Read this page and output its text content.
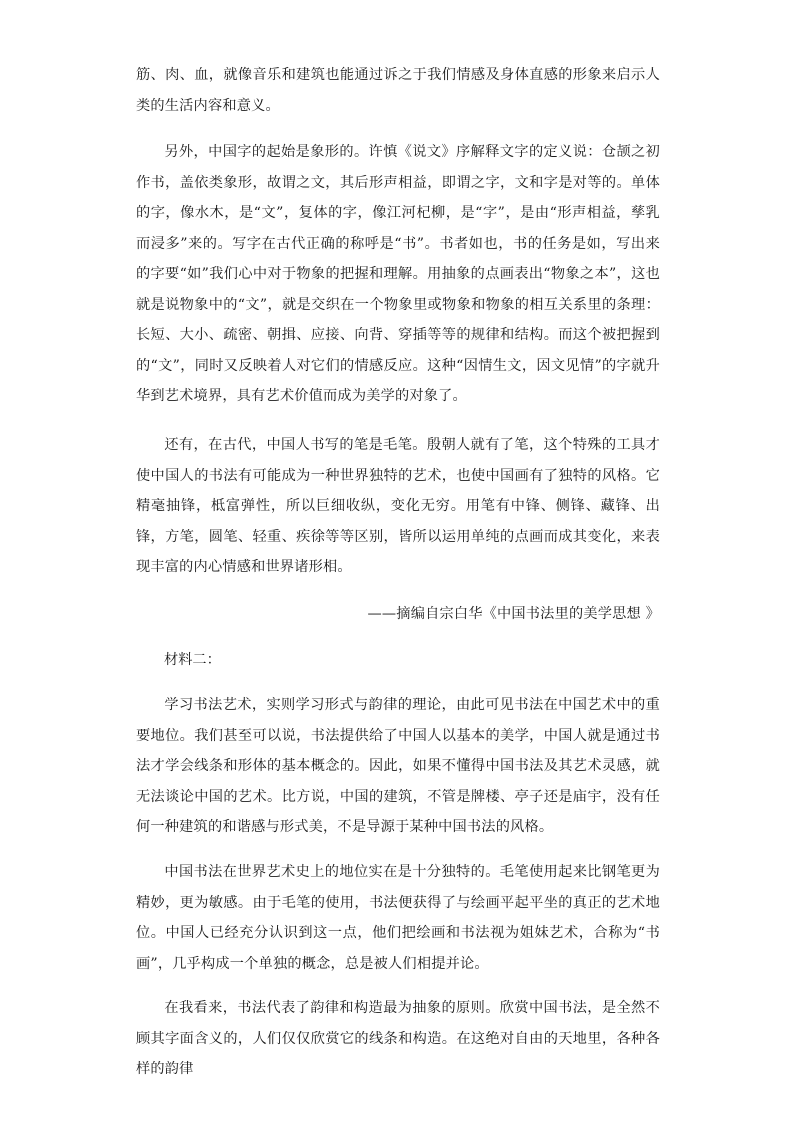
筋、肉、血，就像音乐和建筑也能通过诉之于我们情感及身体直感的形象来启示人类的生活内容和意义。

另外，中国字的起始是象形的。许慎《说文》序解释文字的定义说：仓颉之初作书，盖依类象形，故谓之文，其后形声相益，即谓之字，文和字是对等的。单体的字，像水木，是“文”，复体的字，像江河杞柳，是“字”，是由“形声相益，孳乳而浸多”来的。写字在古代正确的称呼是“书”。书者如也，书的任务是如，写出来的字要“如”我们心中对于物象的把握和理解。用抽象的点画表出“物象之本”，这也就是说物象中的“文”，就是交织在一个物象里或物象和物象的相互关系里的条理：长短、大小、疏密、朝揖、应接、向背、穿插等等的规律和结构。而这个被把握到的“文”，同时又反映着人对它们的情感反应。这种“因情生文，因文见情”的字就升华到艺术境界，具有艺术价值而成为美学的对象了。

还有，在古代，中国人书写的笔是毛笔。殷朝人就有了笔，这个特殊的工具才使中国人的书法有可能成为一种世界独特的艺术，也使中国画有了独特的风格。它精毫抽锋，柢富弹性，所以巨细收纵，变化无穷。用笔有中锋、侧锋、藏锋、出锋，方笔，圆笔、轻重、疾徐等等区别，皆所以运用单纯的点画而成其变化，来表现丰富的内心情感和世界诸形相。

——摘编自宗白华《中国书法里的美学思想 》

材料二：

学习书法艺术，实则学习形式与韵律的理论，由此可见书法在中国艺术中的重要地位。我们甚至可以说，书法提供给了中国人以基本的美学，中国人就是通过书法才学会线条和形体的基本概念的。因此，如果不懂得中国书法及其艺术灵感，就无法谈论中国的艺术。比方说，中国的建筑，不管是牌楼、亭子还是庙宇，没有任何一种建筑的和谐感与形式美，不是导源于某种中国书法的风格。

中国书法在世界艺术史上的地位实在是十分独特的。毛笔使用起来比钢笔更为精妙，更为敏感。由于毛笔的使用，书法便获得了与绘画平起平坐的真正的艺术地位。中国人已经充分认识到这一点，他们把绘画和书法视为姐妹艺术，合称为“书画”，几乎构成一个单独的概念，总是被人们相提并论。

在我看来，书法代表了韵律和构造最为抽象的原则。欣赏中国书法，是全然不顾其字面含义的，人们仅仅欣赏它的线条和构造。在这绝对自由的天地里，各种各样的韵律
